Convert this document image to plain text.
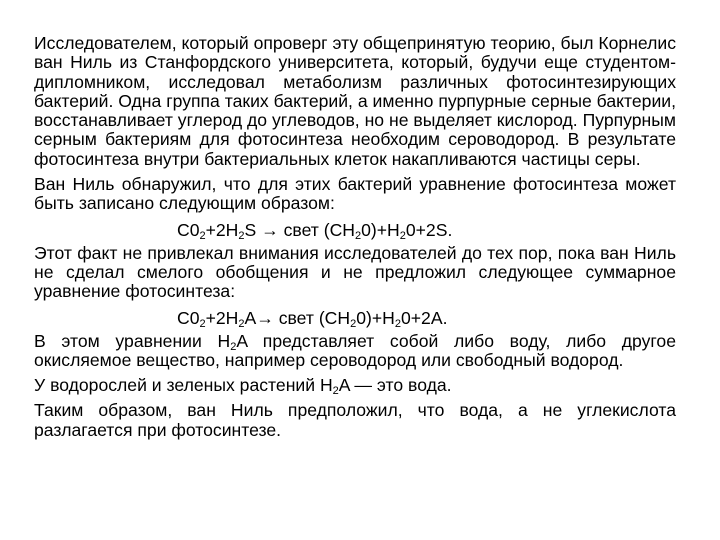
Исследователем, который опроверг эту общепринятую теорию, был Корнелис ван Ниль из Станфордского университета, который, будучи еще студентом-дипломником, исследовал метаболизм различных фотосинтезирующих бактерий. Одна группа таких бактерий, а именно пурпурные серные бактерии, восстанавливает углерод до углеводов, но не выделяет кислород. Пурпурным серным бактериям для фотосинтеза необходим сероводород. В результате фотосинтеза внутри бактериальных клеток накапливаются частицы серы.

Ван Ниль обнаружил, что для этих бактерий уравнение фотосинтеза может быть записано следующим образом:

$C0_2+2H_2S$ → свет $(CH_20)+H_20+2S$.

Этот факт не привлекал внимания исследователей до тех пор, пока ван Ниль не сделал смелого обобщения и не предложил следующее суммарное уравнение фотосинтеза:

$C0_2+2H_2A\to$ свет $(CH_20)+H_20+2A$.

В этом уравнении $H_2A$ представляет собой либо воду, либо другое окисляемое вещество, например сероводород или свободный водород.

У водорослей и зеленых растений $H_2A$ — это вода.

Таким образом, ван Ниль предположил, что вода, а не углекислота разлагается при фотосинтезе.
